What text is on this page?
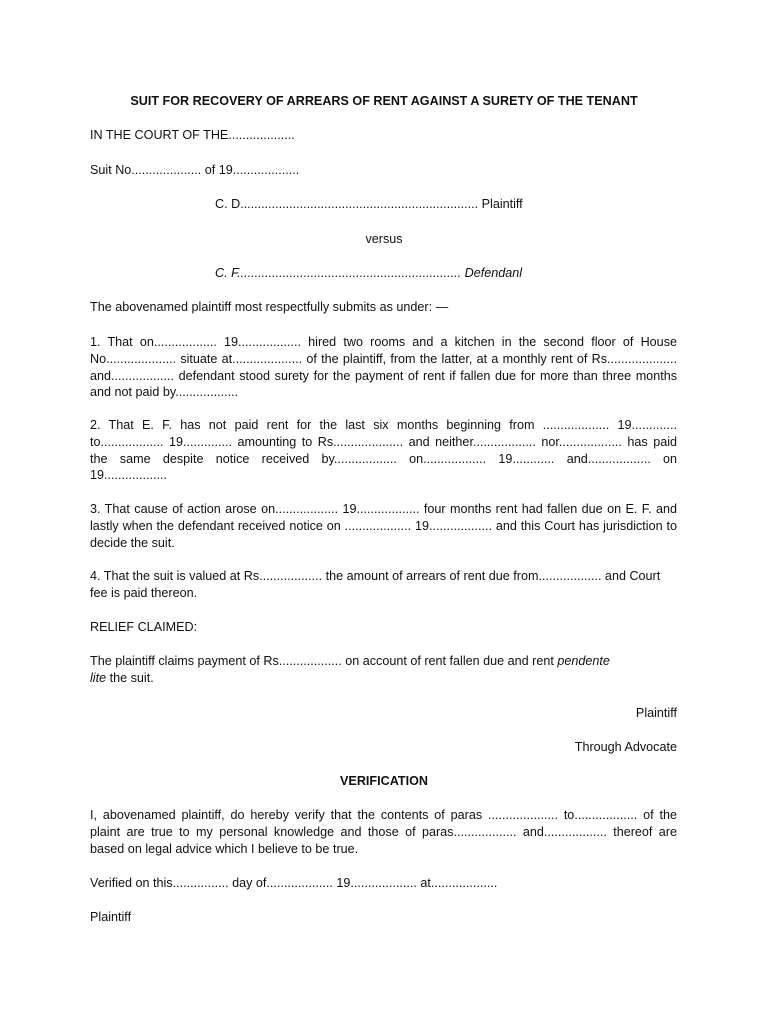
SUIT FOR RECOVERY OF ARREARS OF RENT AGAINST A SURETY OF THE TENANT

IN THE COURT OF THE...................

Suit No.................... of 19...................

C. D.................................................................... Plaintiff

versus

C. F................................................................ Defendanl

The abovenamed plaintiff most respectfully submits as under: —

1. That on.................. 19.................. hired two rooms and a kitchen in the second floor of House No.................... situate at.................... of the plaintiff, from the latter, at a monthly rent of Rs.................... and.................. defendant stood surety for the payment of rent if fallen due for more than three months and not paid by..................

2. That E. F. has not paid rent for the last six months beginning from ................... 19............. to.................. 19.............. amounting to Rs.................... and neither.................. nor.................. has paid the same despite notice received by.................. on.................. 19............ and.................. on 19..................

3. That cause of action arose on.................. 19.................. four months rent had fallen due on E. F. and lastly when the defendant received notice on ................... 19.................. and this Court has jurisdiction to decide the suit.

4. That the suit is valued at Rs.................. the amount of arrears of rent due from.................. and Court fee is paid thereon.

RELIEF CLAIMED:

The plaintiff claims payment of Rs.................. on account of rent fallen due and rent pendente
lite the suit.

Plaintiff

Through Advocate

VERIFICATION

I, abovenamed plaintiff, do hereby verify that the contents of paras .................... to.................. of the plaint are true to my personal knowledge and those of paras.................. and.................. thereof are based on legal advice which I believe to be true.

Verified on this................ day of................... 19................... at...................

Plaintiff
